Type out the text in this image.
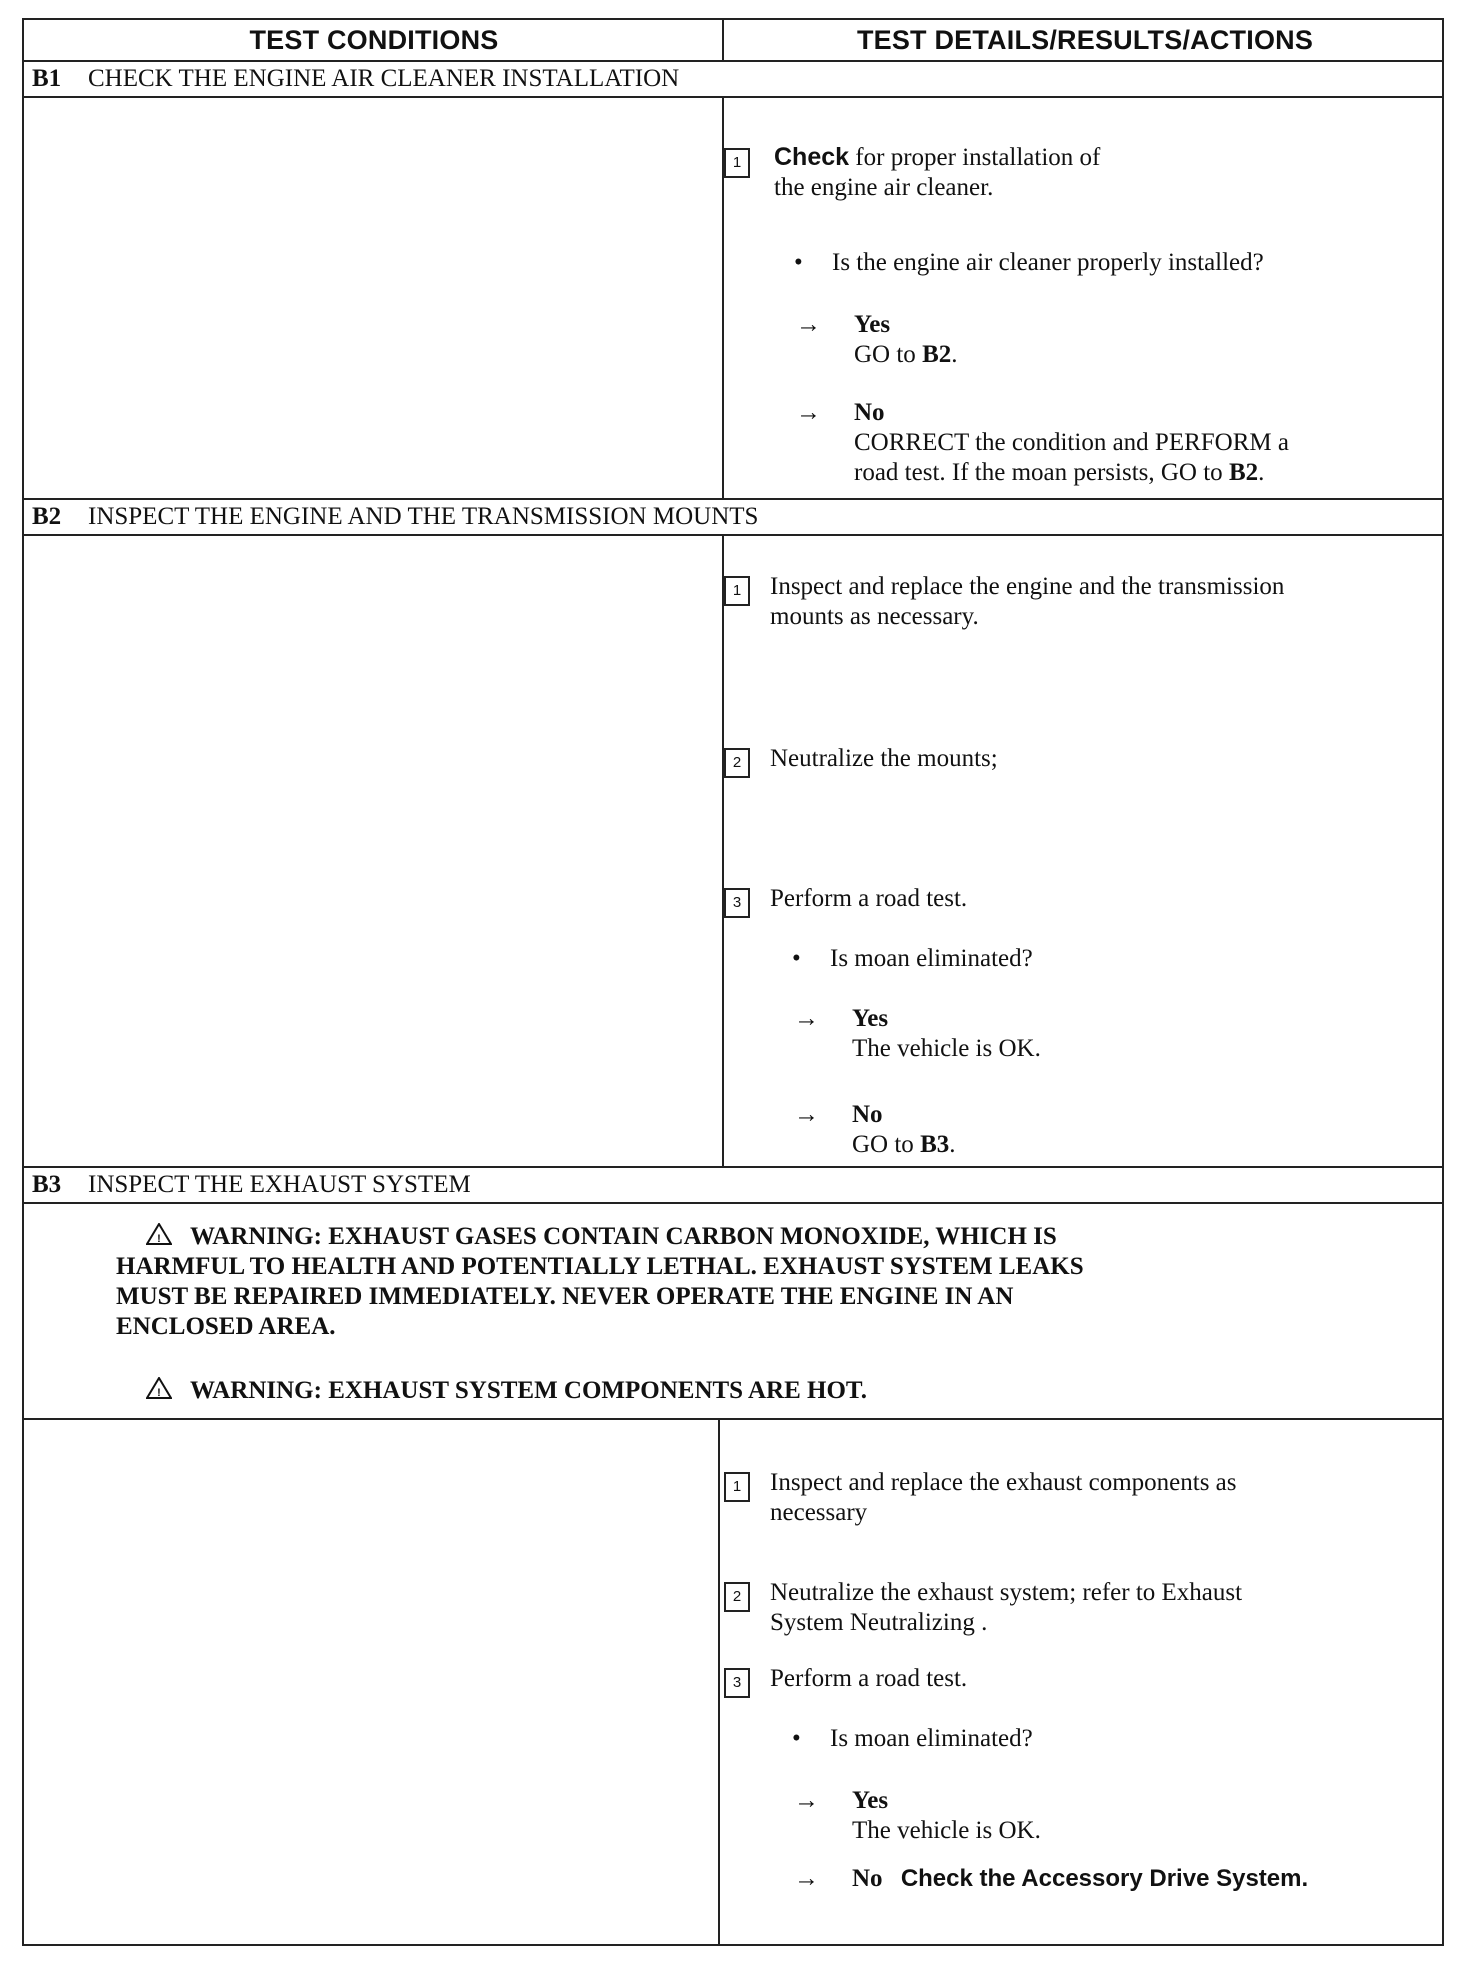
TEST CONDITIONS	TEST DETAILS/RESULTS/ACTIONS
B1 CHECK THE ENGINE AIR CLEANER INSTALLATION
1	Check for proper installation of
the engine air cleaner.
• Is the engine air cleaner properly installed?
→	Yes
GO to B2.
→	No
CORRECT the condition and PERFORM a
road test. If the moan persists, GO to B2.
B2 INSPECT THE ENGINE AND THE TRANSMISSION MOUNTS
1	Inspect and replace the engine and the transmission
mounts as necessary.
2	Neutralize the mounts;
3	Perform a road test.
• Is moan eliminated?
→	Yes
The vehicle is OK.
→	No
GO to B3.
B3 INSPECT THE EXHAUST SYSTEM
! WARNING: EXHAUST GASES CONTAIN CARBON MONOXIDE, WHICH IS
HARMFUL TO HEALTH AND POTENTIALLY LETHAL. EXHAUST SYSTEM LEAKS
MUST BE REPAIRED IMMEDIATELY. NEVER OPERATE THE ENGINE IN AN
ENCLOSED AREA.
! WARNING: EXHAUST SYSTEM COMPONENTS ARE HOT.
1	Inspect and replace the exhaust components as
necessary
2	Neutralize the exhaust system; refer to Exhaust
System Neutralizing .
3	Perform a road test.
• Is moan eliminated?
→	Yes
The vehicle is OK.
→	No Check the Accessory Drive System.
